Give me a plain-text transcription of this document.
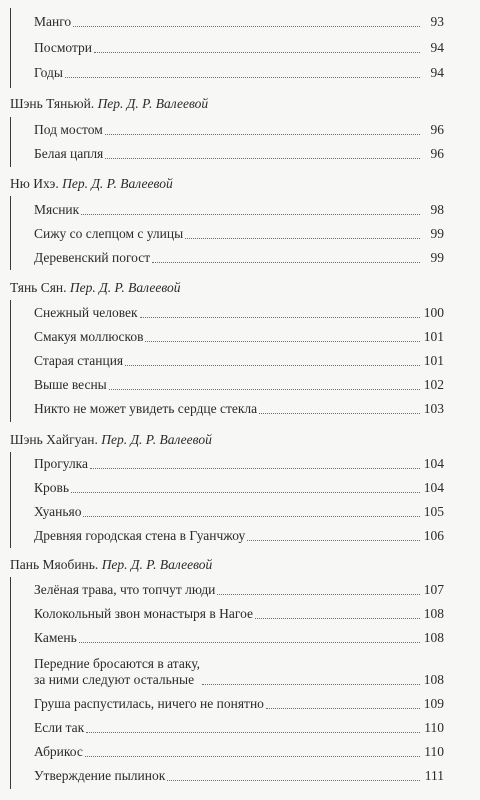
Манго	93
Посмотри	94
Годы	94
Шэнь Тяньюй. Пер. Д. Р. Валеевой
Под мостом	96
Белая цапля	96
Ню Ихэ. Пер. Д. Р. Валеевой
Мясник	98
Сижу со слепцом с улицы	99
Деревенский погост	99
Тянь Сян. Пер. Д. Р. Валеевой
Снежный человек	100
Смакуя моллюсков	101
Старая станция	101
Выше весны	102
Никто не может увидеть сердце стекла	103
Шэнь Хайгуан. Пер. Д. Р. Валеевой
Прогулка	104
Кровь	104
Хуаньяо	105
Древняя городская стена в Гуанчжоу	106
Пань Мяобинь. Пер. Д. Р. Валеевой
Зелёная трава, что топчут люди	107
Колокольный звон монастыря в Нагое	108
Камень	108
Передние бросаются в атаку,
за ними следуют остальные	108
Груша распустилась, ничего не понятно	109
Если так	110
Абрикос	110
Утверждение пылинок	111
